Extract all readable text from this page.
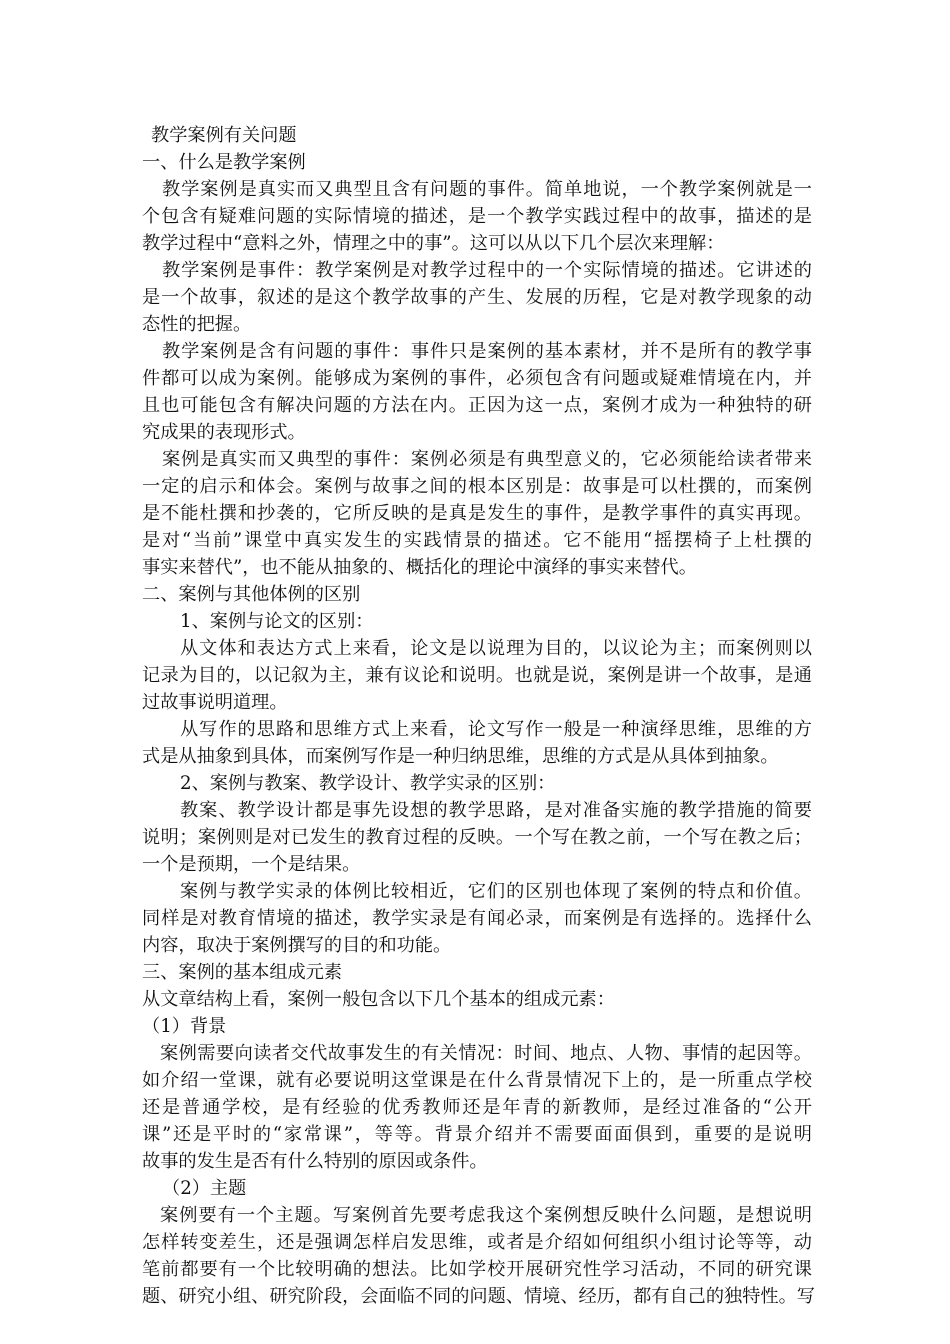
教学案例有关问题
一、什么是教学案例
教学案例是真实而又典型且含有问题的事件。简单地说，一个教学案例就是一
个包含有疑难问题的实际情境的描述，是一个教学实践过程中的故事，描述的是
教学过程中“意料之外，情理之中的事”。这可以从以下几个层次来理解：
教学案例是事件：教学案例是对教学过程中的一个实际情境的描述。它讲述的
是一个故事，叙述的是这个教学故事的产生、发展的历程，它是对教学现象的动
态性的把握。
教学案例是含有问题的事件：事件只是案例的基本素材，并不是所有的教学事
件都可以成为案例。能够成为案例的事件，必须包含有问题或疑难情境在内，并
且也可能包含有解决问题的方法在内。正因为这一点，案例才成为一种独特的研
究成果的表现形式。
案例是真实而又典型的事件：案例必须是有典型意义的，它必须能给读者带来
一定的启示和体会。案例与故事之间的根本区别是：故事是可以杜撰的，而案例
是不能杜撰和抄袭的，它所反映的是真是发生的事件，是教学事件的真实再现。
是对“当前”课堂中真实发生的实践情景的描述。它不能用“摇摆椅子上杜撰的
事实来替代”，也不能从抽象的、概括化的理论中演绎的事实来替代。
二、案例与其他体例的区别
1、案例与论文的区别：
从文体和表达方式上来看，论文是以说理为目的，以议论为主；而案例则以
记录为目的，以记叙为主，兼有议论和说明。也就是说，案例是讲一个故事，是通
过故事说明道理。
从写作的思路和思维方式上来看，论文写作一般是一种演绎思维，思维的方
式是从抽象到具体，而案例写作是一种归纳思维，思维的方式是从具体到抽象。
2、案例与教案、教学设计、教学实录的区别：
教案、教学设计都是事先设想的教学思路，是对准备实施的教学措施的简要
说明；案例则是对已发生的教育过程的反映。一个写在教之前，一个写在教之后；
一个是预期，一个是结果。
案例与教学实录的体例比较相近，它们的区别也体现了案例的特点和价值。
同样是对教育情境的描述，教学实录是有闻必录，而案例是有选择的。选择什么
内容，取决于案例撰写的目的和功能。
三、案例的基本组成元素
从文章结构上看，案例一般包含以下几个基本的组成元素：
（1）背景
案例需要向读者交代故事发生的有关情况：时间、地点、人物、事情的起因等。
如介绍一堂课，就有必要说明这堂课是在什么背景情况下上的，是一所重点学校
还是普通学校，是有经验的优秀教师还是年青的新教师，是经过准备的“公开
课”还是平时的“家常课”，等等。背景介绍并不需要面面俱到，重要的是说明
故事的发生是否有什么特别的原因或条件。
（2）主题
案例要有一个主题。写案例首先要考虑我这个案例想反映什么问题，是想说明
怎样转变差生，还是强调怎样启发思维，或者是介绍如何组织小组讨论等等，动
笔前都要有一个比较明确的想法。比如学校开展研究性学习活动，不同的研究课
题、研究小组、研究阶段，会面临不同的问题、情境、经历，都有自己的独特性。写
